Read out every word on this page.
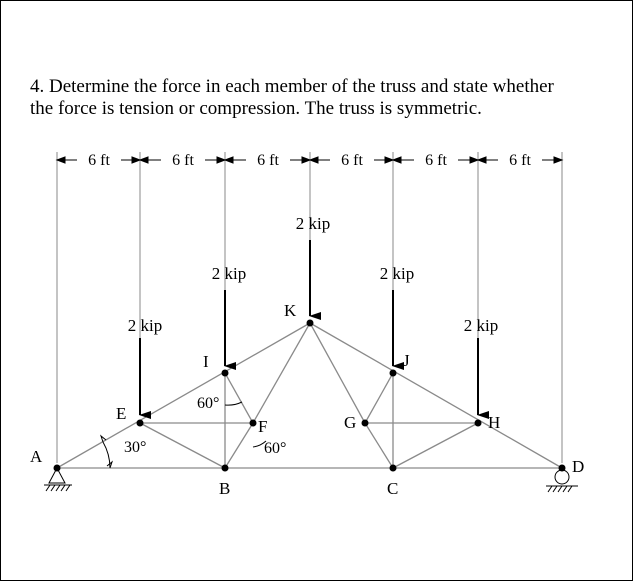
4. Determine the force in each member of the truss and state whether
the force is tension or compression. The truss is symmetric.

6 ft	6 ft	6 ft	6 ft	6 ft	6 ft
2 kip
2 kip
2 kip
2 kip
2 kip
A
B	C
D
E
F	G	H
I	J
K
30°
60°
60°
